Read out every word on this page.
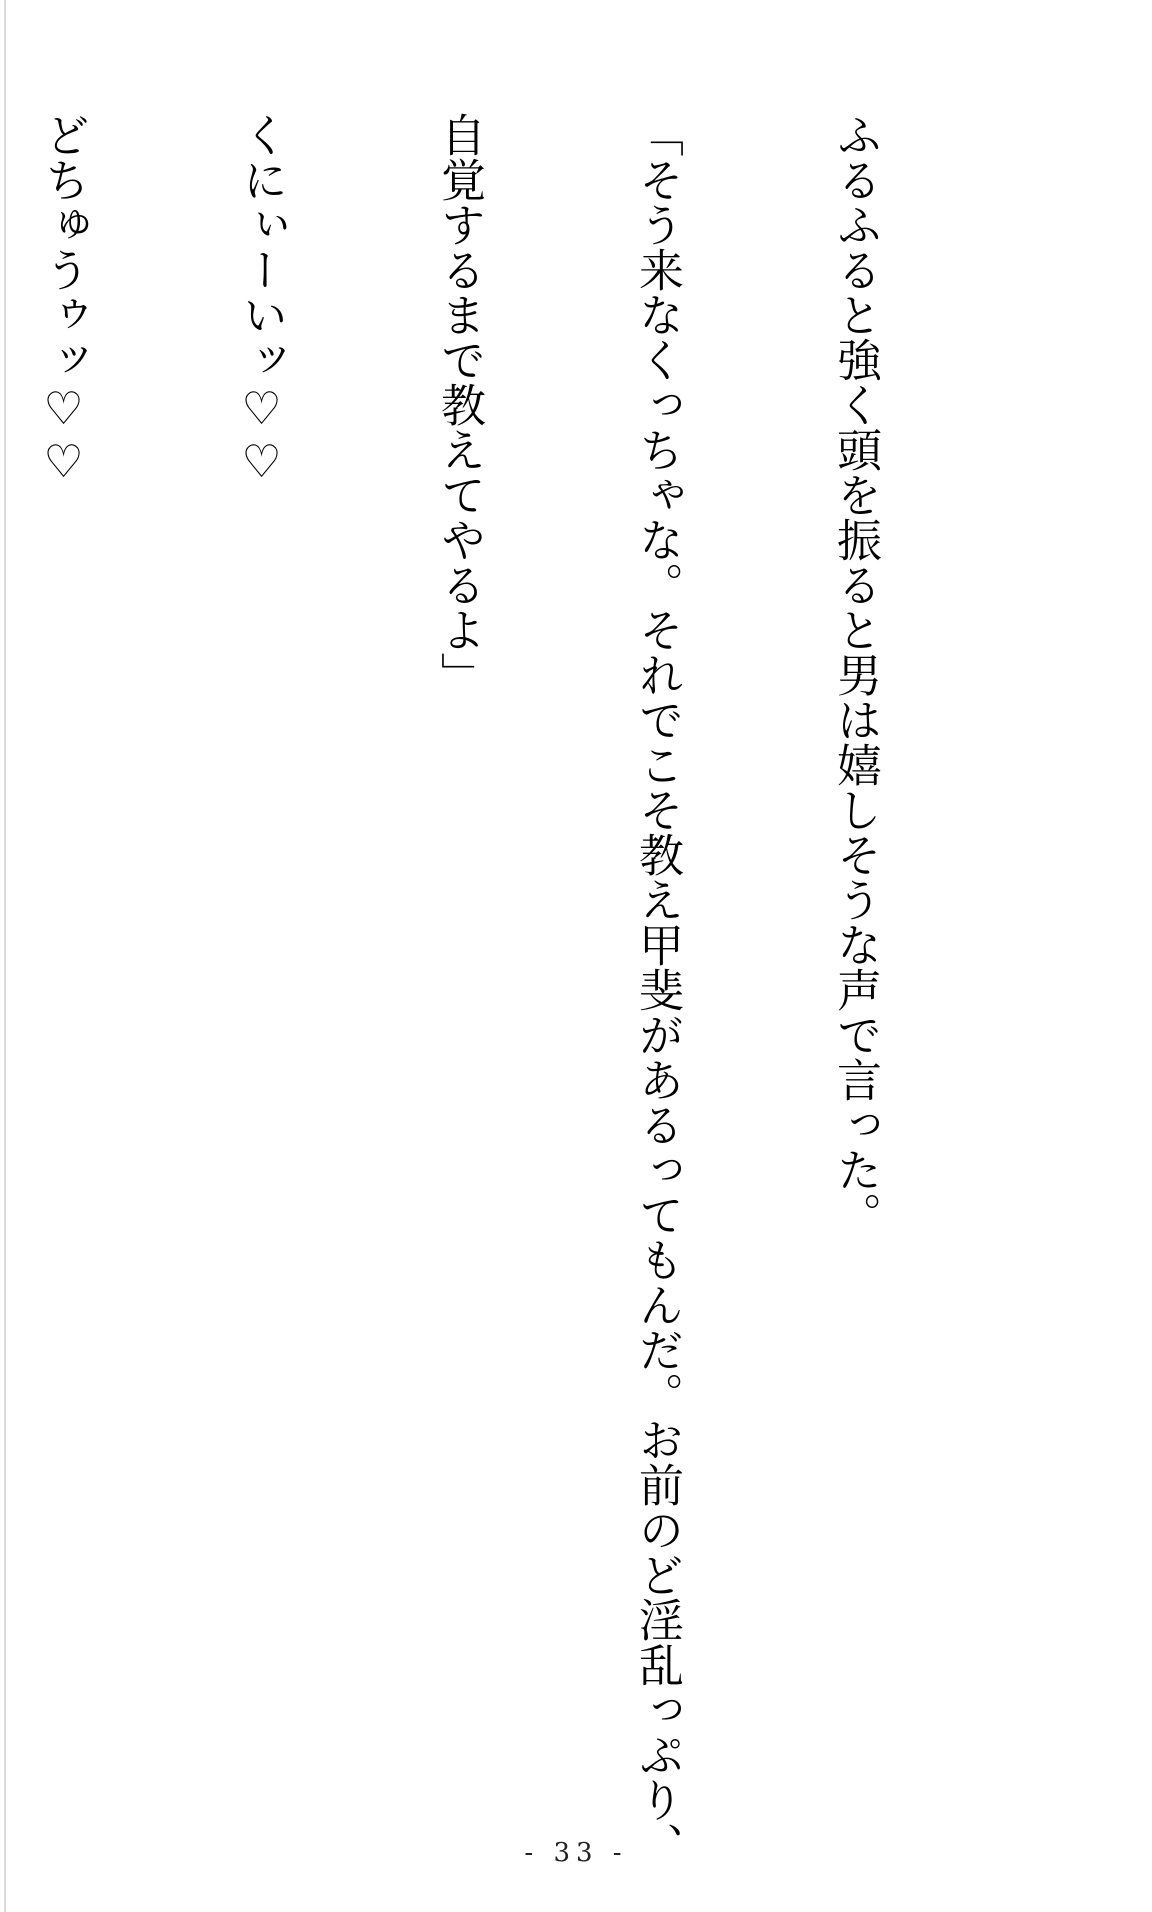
ふるふると強く頭を振ると男は嬉しそうな声で言った。

「そう来なくっちゃな。それでこそ教え甲斐があるってもんだ。お前のど淫乱っぷり、

自覚するまで教えてやるよ」

くにぃーいッ♡♡

どちゅうゥッ♡♡

- 33 -
